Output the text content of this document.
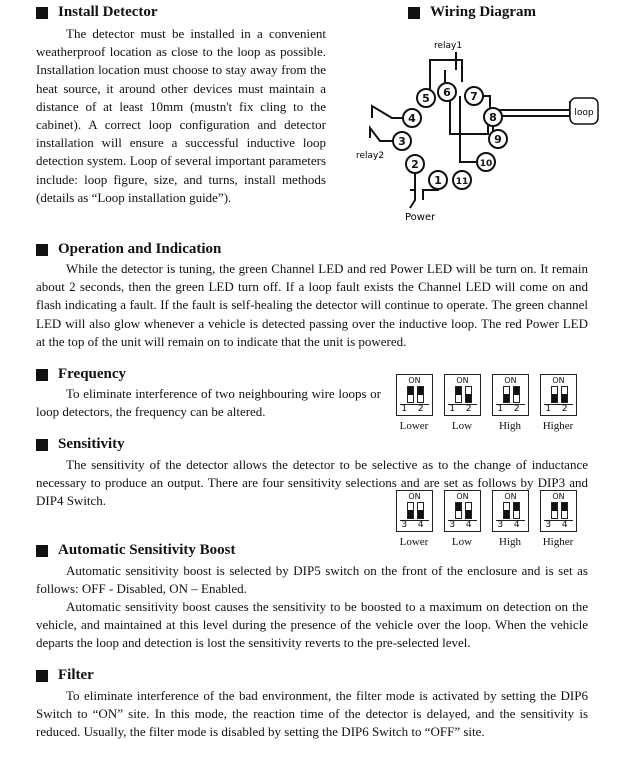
Install Detector
The detector must be installed in a convenient weatherproof location as close to the loop as possible. Installation location must choose to stay away from the heat source, it around other devices must maintain a distance of at least 10mm (mustn't fix cling to the cabinet). A correct loop configuration and detector installation will ensure a successful inductive loop detection system. Loop of several important parameters include: loop figure, size, and turns, install methods (details as “Loop installation guide”).
Wiring Diagram
loop
relay1
relay2
Power
1
2
3
4
5 6 7
8
9
10
11
Operation and Indication
While the detector is tuning, the green Channel LED and red Power LED will be turn on. It remain about 2 seconds, then the green LED turn off. If a loop fault exists the Channel LED will come on and flash indicating a fault. If the fault is self-healing the detector will continue to operate. The green channel LED will also glow whenever a vehicle is detected passing over the inductive loop. The red Power LED at the top of the unit will remain on to indicate that the unit is powered.
Frequency
To eliminate interference of two neighbouring wire loops or loop detectors, the frequency can be altered.
ON
1 2
Lower
ON
1 2
Low
ON
1 2
High
ON
1 2
Higher
Sensitivity
The sensitivity of the detector allows the detector to be selective as to the change of inductance necessary to produce an output. There are four sensitivity selections and are set as follows by DIP3 and DIP4 Switch.	ON
3 4
Lower
ON
3 4
Low
ON
3 4
High
ON
3 4
Higher
Automatic Sensitivity Boost
Automatic sensitivity boost is selected by DIP5 switch on the front of the enclosure and is set as follows: OFF - Disabled, ON – Enabled.
Automatic sensitivity boost causes the sensitivity to be boosted to a maximum on detection on the vehicle, and maintained at this level during the presence of the vehicle over the loop. When the vehicle departs the loop and detection is lost the sensitivity reverts to the pre-selected level.
Filter
To eliminate interference of the bad environment, the filter mode is activated by setting the DIP6 Switch to “ON” site. In this mode, the reaction time of the detector is delayed, and the sensitivity is reduced. Usually, the filter mode is disabled by setting the DIP6 Switch to “OFF” site.
